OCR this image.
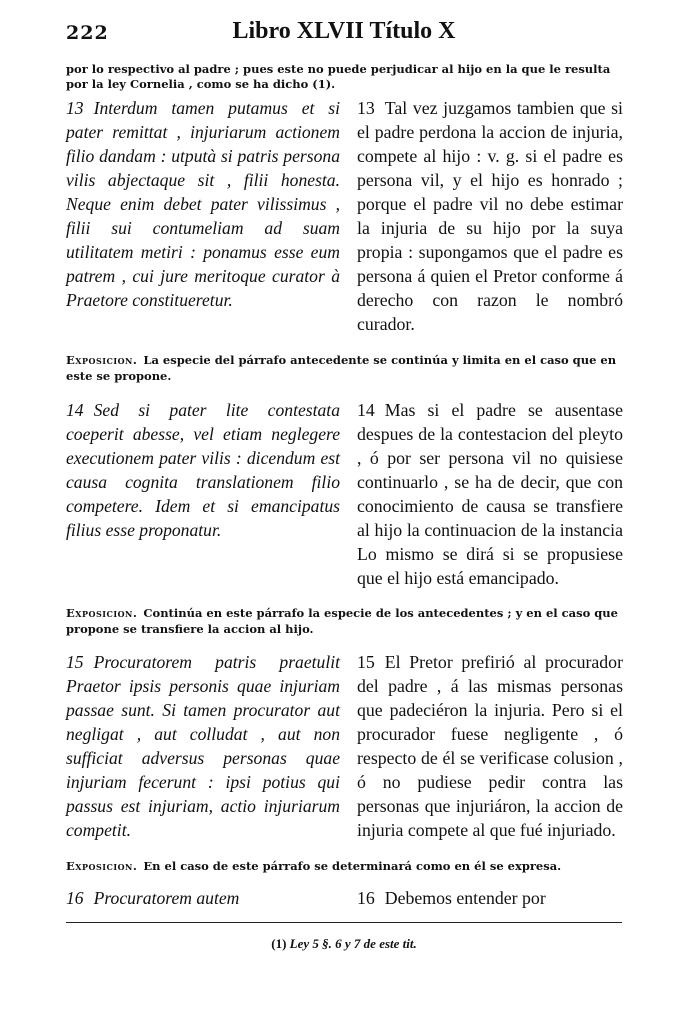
222	Libro XLVII Título X
por lo respectivo al padre ; pues este no puede perjudicar al hijo en la que le resulta por la ley Cornelia , como se ha dicho (1).
13 Interdum tamen putamus et si pater remittat , injuriarum actionem filio dandam : utputà si patris persona vilis abjectaque sit , filii honesta. Neque enim debet pater vilissimus , filii sui contumeliam ad suam utilitatem metiri : ponamus esse eum patrem , cui jure meritoque curator à Praetore constitueretur.
13 Tal vez juzgamos tambien que si el padre perdona la accion de injuria, compete al hijo : v. g. si el padre es persona vil, y el hijo es honrado ; porque el padre vil no debe estimar la injuria de su hijo por la suya propia : supongamos que el padre es persona á quien el Pretor conforme á derecho con razon le nombró curador.
Exposicion. La especie del párrafo antecedente se continúa y limita en el caso que en este se propone.
14 Sed si pater lite contestata coeperit abesse, vel etiam neglegere executionem pater vilis : dicendum est causa cognita translationem filio competere. Idem et si emancipatus filius esse proponatur.
14 Mas si el padre se ausentase despues de la contestacion del pleyto , ó por ser persona vil no quisiese continuarlo , se ha de decir, que con conocimiento de causa se transfiere al hijo la continuacion de la instancia Lo mismo se dirá si se propusiese que el hijo está emancipado.
Exposicion. Continúa en este párrafo la especie de los antecedentes ; y en el caso que propone se transfiere la accion al hijo.
15 Procuratorem patris praetulit Praetor ipsis personis quae injuriam passae sunt. Si tamen procurator aut negligat , aut colludat , aut non sufficiat adversus personas quae injuriam fecerunt : ipsi potius qui passus est injuriam, actio injuriarum competit.
15 El Pretor prefirió al procurador del padre , á las mismas personas que padeciéron la injuria. Pero si el procurador fuese negligente , ó respecto de él se verificase colusion , ó no pudiese pedir contra las personas que injuriáron, la accion de injuria compete al que fué injuriado.
Exposicion. En el caso de este párrafo se determinará como en él se expresa.
16 Procuratorem autem	16 Debemos entender por
(1) Ley 5 §. 6 y 7 de este tit.
